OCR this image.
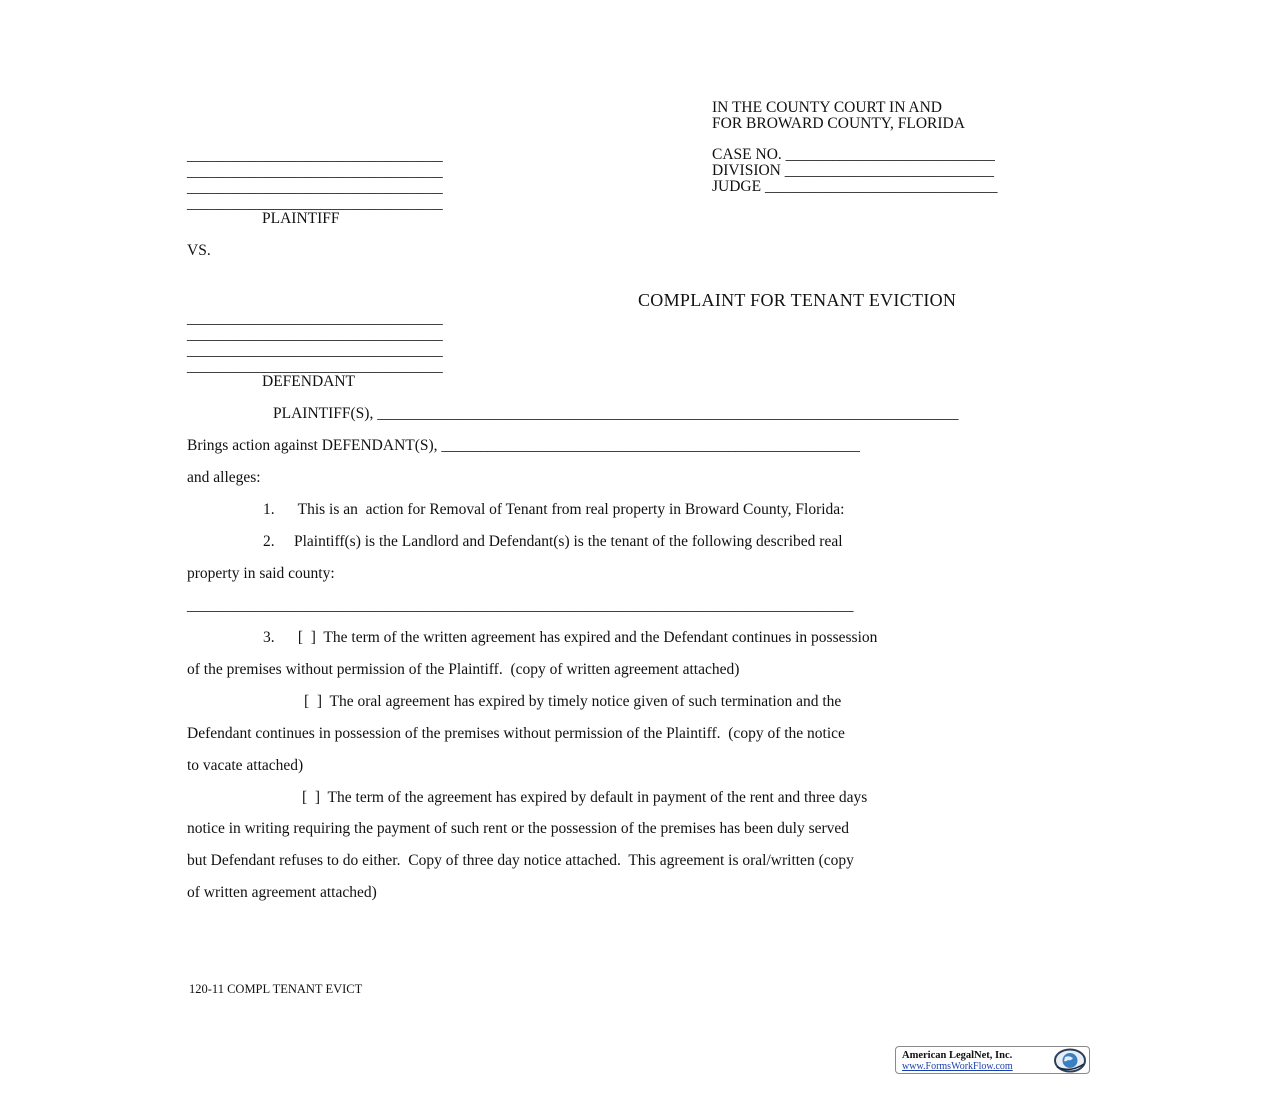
IN THE COUNTY COURT IN AND

FOR BROWARD COUNTY, FLORIDA

CASE NO. ___________________________

DIVISION ___________________________

JUDGE ______________________________

_________________________________

_________________________________

_________________________________

_________________________________

PLAINTIFF

VS.

COMPLAINT FOR TENANT EVICTION

_________________________________

_________________________________

_________________________________

_________________________________

DEFENDANT

PLAINTIFF(S), ___________________________________________________________________________

Brings action against DEFENDANT(S), ______________________________________________________

and alleges:

1.      This is an  action for Removal of Tenant from real property in Broward County, Florida:

2.     Plaintiff(s) is the Landlord and Defendant(s) is the tenant of the following described real

property in said county:

______________________________________________________________________________________

3.      [  ]  The term of the written agreement has expired and the Defendant continues in possession

of the premises without permission of the Plaintiff.  (copy of written agreement attached)

[  ]  The oral agreement has expired by timely notice given of such termination and the

Defendant continues in possession of the premises without permission of the Plaintiff.  (copy of the notice

to vacate attached)

[  ]  The term of the agreement has expired by default in payment of the rent and three days

notice in writing requiring the payment of such rent or the possession of the premises has been duly served

but Defendant refuses to do either.  Copy of three day notice attached.  This agreement is oral/written (copy

of written agreement attached)

120-11 COMPL TENANT EVICT

American LegalNet, Inc.
www.FormsWorkFlow.com
